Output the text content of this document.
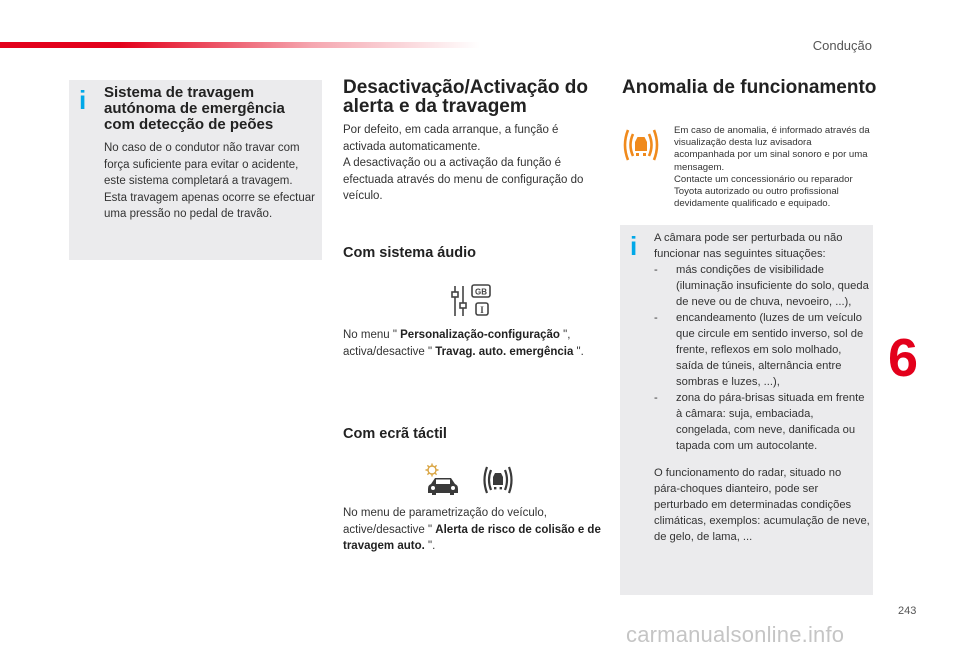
Condução
i Sistema de travagem autónoma de emergência com detecção de peões

No caso de o condutor não travar com força suficiente para evitar o acidente, este sistema completará a travagem. Esta travagem apenas ocorre se efectuar uma pressão no pedal de travão.

Desactivação/Activação do alerta e da travagem

Por defeito, em cada arranque, a função é activada automaticamente.
A desactivação ou a activação da função é efectuada através do menu de configuração do veículo.

Com sistema áudio
GB
I

No menu " Personalização-configuração ", activa/desactive " Travag. auto. emergência ".

Com ecrã táctil

No menu de parametrização do veículo, active/desactive " Alerta de risco de colisão e de travagem auto. ".

Anomalia de funcionamento

Em caso de anomalia, é informado através da visualização desta luz avisadora acompanhada por um sinal sonoro e por uma mensagem.
Contacte um concessionário ou reparador Toyota autorizado ou outro profissional devidamente qualificado e equipado.

i A câmara pode ser perturbada ou não funcionar nas seguintes situações:

- más condições de visibilidade (iluminação insuficiente do solo, queda de neve ou de chuva, nevoeiro, ...),
- encandeamento (luzes de um veículo que circule em sentido inverso, sol de frente, reflexos em solo molhado, saída de túneis, alternância entre sombras e luzes, ...),
- zona do pára-brisas situada em frente à câmara: suja, embaciada, congelada, com neve, danificada ou tapada com um autocolante.

O funcionamento do radar, situado no pára-choques dianteiro, pode ser perturbado em determinadas condições climáticas, exemplos: acumulação de neve, de gelo, de lama, ...

6
243
carmanualsonline.info
